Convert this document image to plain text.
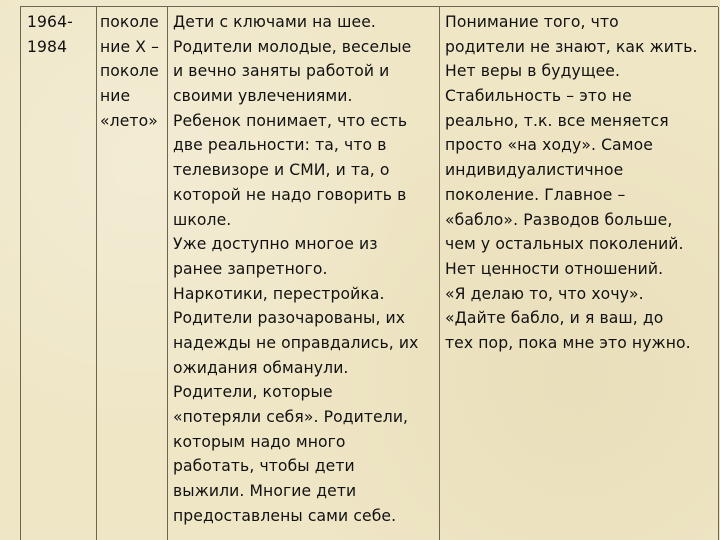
1964-
1984
поколе
ние Х –
поколе
ние
«лето»
Дети с ключами на шее.
Родители молодые, веселые
и вечно заняты работой и
своими увлечениями.
Ребенок понимает, что есть
две реальности: та, что в
телевизоре и СМИ, и та, о
которой не надо говорить в
школе.
Уже доступно многое из
ранее запретного.
Наркотики, перестройка.
Родители разочарованы, их
надежды не оправдались, их
ожидания обманули.
Родители, которые
«потеряли себя». Родители,
которым надо много
работать, чтобы дети
выжили. Многие дети
предоставлены сами себе.
Понимание того, что
родители не знают, как жить.
Нет веры в будущее.
Стабильность – это не
реально, т.к. все меняется
просто «на ходу». Самое
индивидуалистичное
поколение. Главное –
«бабло». Разводов больше,
чем у остальных поколений.
Нет ценности отношений.
«Я делаю то, что хочу».
«Дайте бабло, и я ваш, до
тех пор, пока мне это нужно.
